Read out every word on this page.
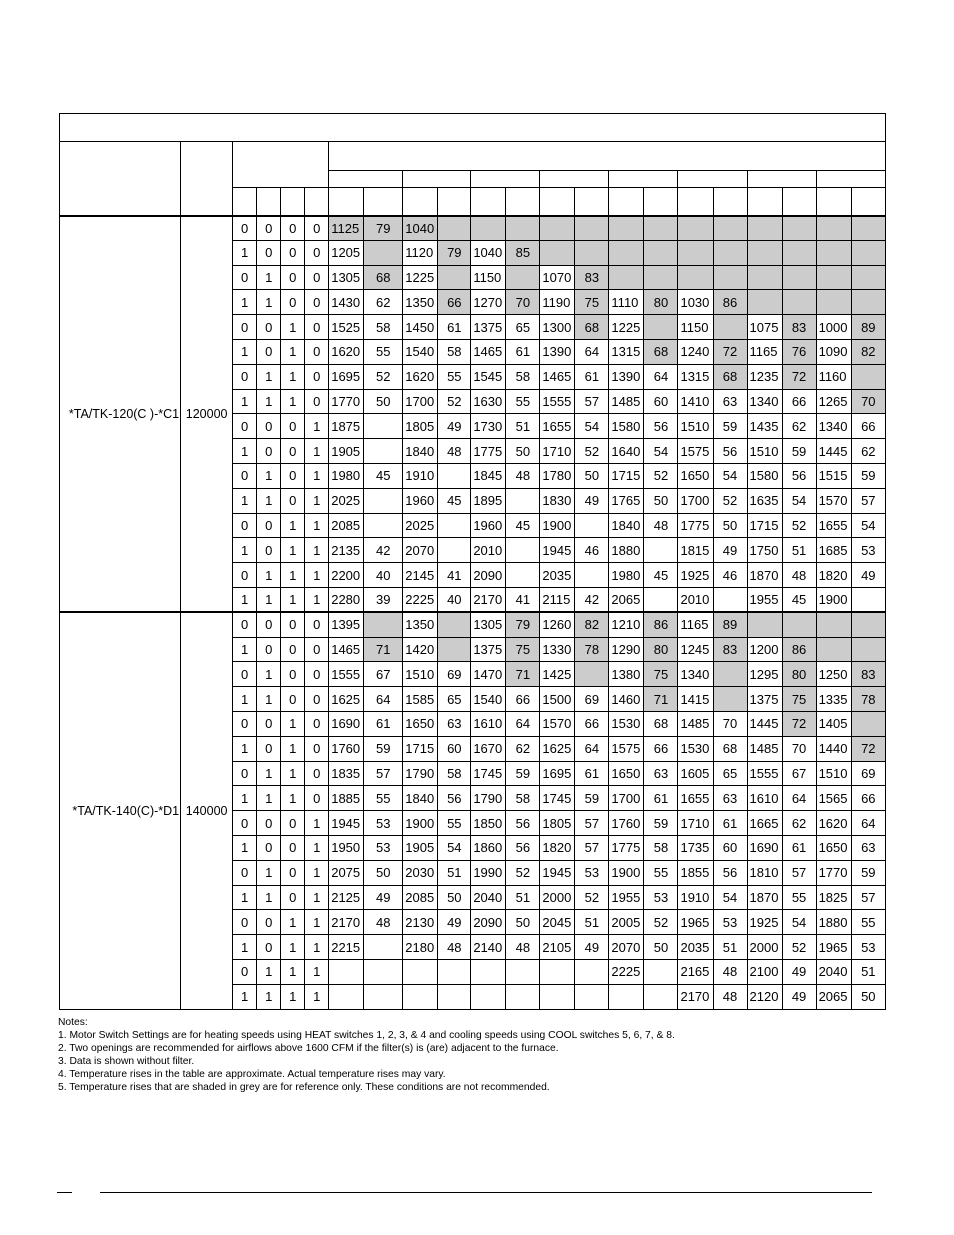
*TA/TK-120(C )-*C1	120000	0	0	0	0	1125	79	1040													
		1	0	0	0	1205		1120	79	1040	85										
		0	1	0	0	1305	68	1225		1150		1070	83								
		1	1	0	0	1430	62	1350	66	1270	70	1190	75	1110	80	1030	86				
		0	0	1	0	1525	58	1450	61	1375	65	1300	68	1225		1150		1075	83	1000	89
		1	0	1	0	1620	55	1540	58	1465	61	1390	64	1315	68	1240	72	1165	76	1090	82
		0	1	1	0	1695	52	1620	55	1545	58	1465	61	1390	64	1315	68	1235	72	1160	
		1	1	1	0	1770	50	1700	52	1630	55	1555	57	1485	60	1410	63	1340	66	1265	70
		0	0	0	1	1875		1805	49	1730	51	1655	54	1580	56	1510	59	1435	62	1340	66
		1	0	0	1	1905		1840	48	1775	50	1710	52	1640	54	1575	56	1510	59	1445	62
		0	1	0	1	1980	45	1910		1845	48	1780	50	1715	52	1650	54	1580	56	1515	59
		1	1	0	1	2025		1960	45	1895		1830	49	1765	50	1700	52	1635	54	1570	57
		0	0	1	1	2085		2025		1960	45	1900		1840	48	1775	50	1715	52	1655	54
		1	0	1	1	2135	42	2070		2010		1945	46	1880		1815	49	1750	51	1685	53
		0	1	1	1	2200	40	2145	41	2090		2035		1980	45	1925	46	1870	48	1820	49
		1	1	1	1	2280	39	2225	40	2170	41	2115	42	2065		2010		1955	45	1900	
*TA/TK-140(C)-*D1	140000	0	0	0	0	1395		1350		1305	79	1260	82	1210	86	1165	89				
		1	0	0	0	1465	71	1420		1375	75	1330	78	1290	80	1245	83	1200	86		
		0	1	0	0	1555	67	1510	69	1470	71	1425		1380	75	1340		1295	80	1250	83
		1	1	0	0	1625	64	1585	65	1540	66	1500	69	1460	71	1415		1375	75	1335	78
		0	0	1	0	1690	61	1650	63	1610	64	1570	66	1530	68	1485	70	1445	72	1405	
		1	0	1	0	1760	59	1715	60	1670	62	1625	64	1575	66	1530	68	1485	70	1440	72
		0	1	1	0	1835	57	1790	58	1745	59	1695	61	1650	63	1605	65	1555	67	1510	69
		1	1	1	0	1885	55	1840	56	1790	58	1745	59	1700	61	1655	63	1610	64	1565	66
		0	0	0	1	1945	53	1900	55	1850	56	1805	57	1760	59	1710	61	1665	62	1620	64
		1	0	0	1	1950	53	1905	54	1860	56	1820	57	1775	58	1735	60	1690	61	1650	63
		0	1	0	1	2075	50	2030	51	1990	52	1945	53	1900	55	1855	56	1810	57	1770	59
		1	1	0	1	2125	49	2085	50	2040	51	2000	52	1955	53	1910	54	1870	55	1825	57
		0	0	1	1	2170	48	2130	49	2090	50	2045	51	2005	52	1965	53	1925	54	1880	55
		1	0	1	1	2215		2180	48	2140	48	2105	49	2070	50	2035	51	2000	52	1965	53
		0	1	1	1									2225		2165	48	2100	49	2040	51
		1	1	1	1											2170	48	2120	49	2065	50
Notes:
1. Motor Switch Settings are for heating speeds using HEAT switches 1, 2, 3, & 4 and cooling speeds using COOL switches 5, 6, 7, & 8.
2. Two openings are recommended for airflows above 1600 CFM if the filter(s) is (are) adjacent to the furnace.
3. Data is shown without filter.
4. Temperature rises in the table are approximate. Actual temperature rises may vary.
5. Temperature rises that are shaded in grey are for reference only. These conditions are not recommended.
